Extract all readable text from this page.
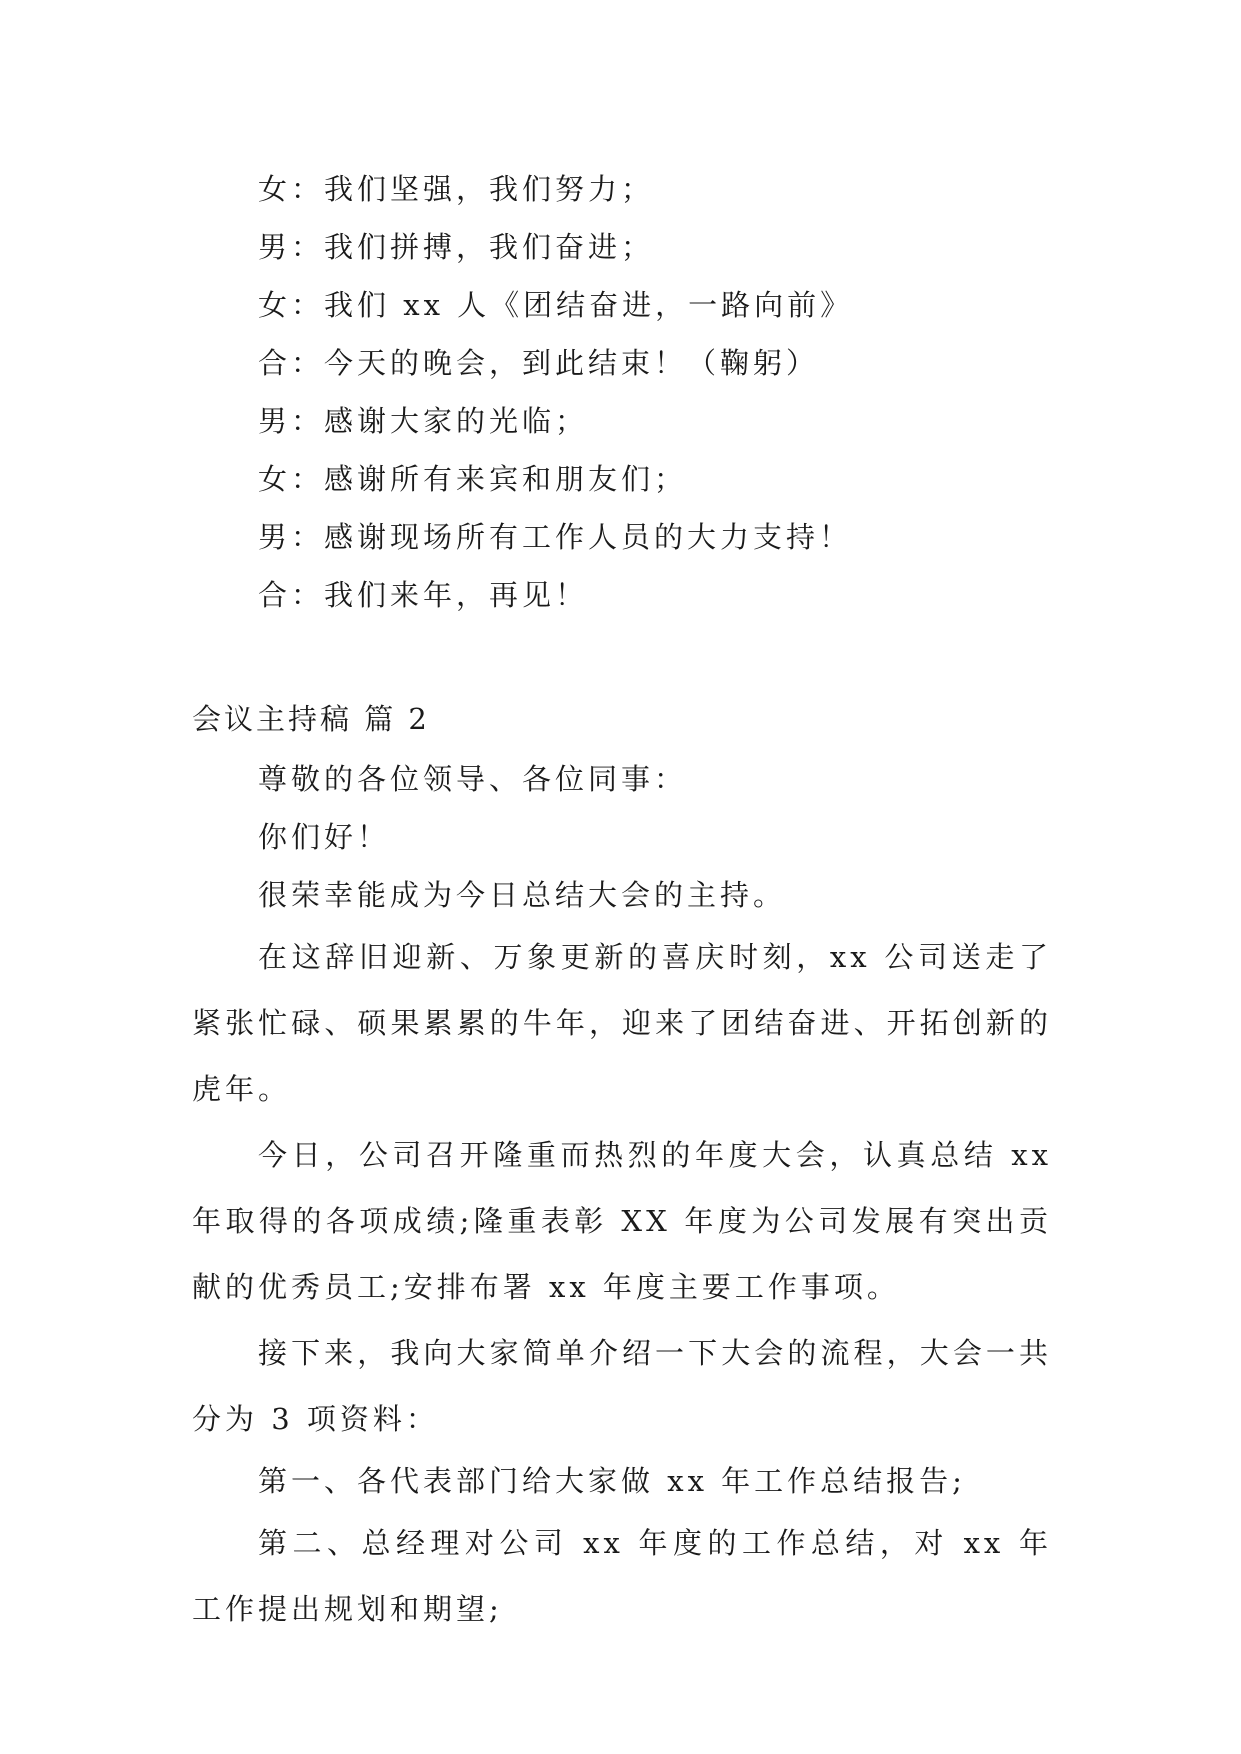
女：我们坚强，我们努力；
男：我们拼搏，我们奋进；
女：我们 xx 人《团结奋进，一路向前》
合：今天的晚会，到此结束！（鞠躬）
男：感谢大家的光临；
女：感谢所有来宾和朋友们；
男：感谢现场所有工作人员的大力支持！
合：我们来年，再见！
会议主持稿 篇 2

尊敬的各位领导、各位同事：

你们好！

很荣幸能成为今日总结大会的主持。

在这辞旧迎新、万象更新的喜庆时刻，xx 公司送走了紧张忙碌、硕果累累的牛年，迎来了团结奋进、开拓创新的虎年。

今日，公司召开隆重而热烈的年度大会，认真总结 xx 年取得的各项成绩;隆重表彰 XX 年度为公司发展有突出贡献的优秀员工;安排布署 xx 年度主要工作事项。

接下来，我向大家简单介绍一下大会的流程，大会一共分为 3 项资料：

第一、各代表部门给大家做 xx 年工作总结报告;

第二、总经理对公司 xx 年度的工作总结，对 xx 年工作提出规划和期望;
